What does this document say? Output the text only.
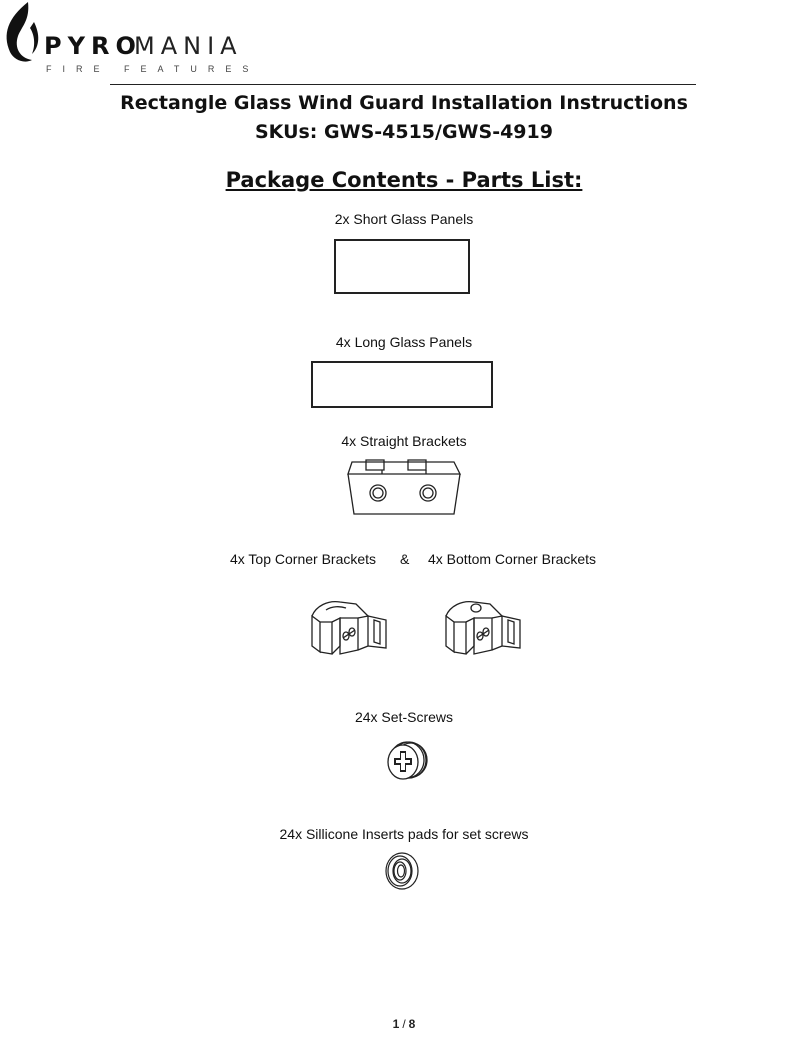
PYRO
MANIA
FIRE FEATURES
Rectangle Glass Wind Guard Installation Instructions
SKUs: GWS-4515/GWS-4919
Package Contents - Parts List:
2x Short Glass Panels
4x Long Glass Panels
4x Straight Brackets
4x Top Corner Brackets & 4x Bottom Corner Brackets
24x Set-Screws
24x Sillicone Inserts pads for set screws
1 / 8
